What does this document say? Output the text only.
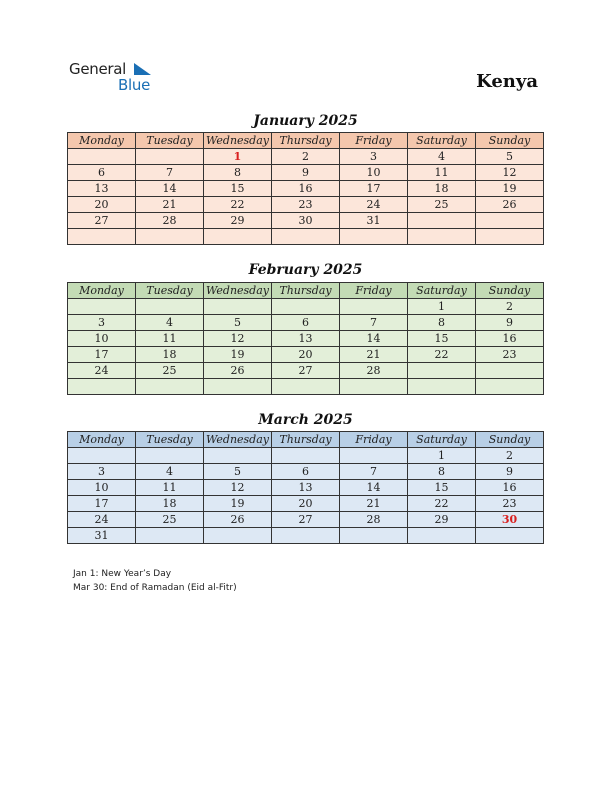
General
Blue	Kenya
January 2025
Monday	Tuesday	Wednesday	Thursday	Friday	Saturday	Sunday
		1	2	3	4	5
6	7	8	9	10	11	12
13	14	15	16	17	18	19
20	21	22	23	24	25	26
27	28	29	30	31		

February 2025
Monday	Tuesday	Wednesday	Thursday	Friday	Saturday	Sunday
					1	2
3	4	5	6	7	8	9
10	11	12	13	14	15	16
17	18	19	20	21	22	23
24	25	26	27	28		

March 2025
Monday	Tuesday	Wednesday	Thursday	Friday	Saturday	Sunday
					1	2
3	4	5	6	7	8	9
10	11	12	13	14	15	16
17	18	19	20	21	22	23
24	25	26	27	28	29	30
31						
Jan 1: New Year’s Day
Mar 30: End of Ramadan (Eid al-Fitr)
